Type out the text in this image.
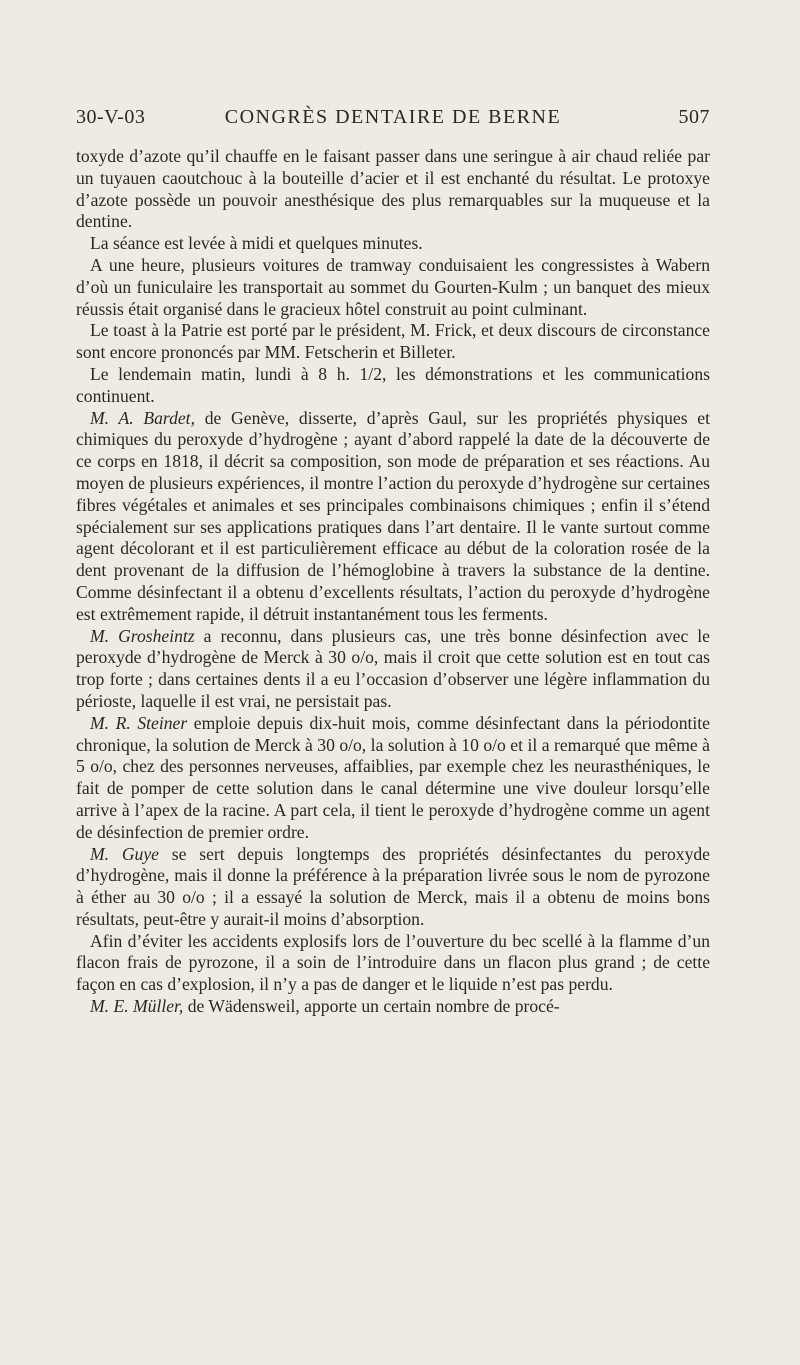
30-V-03	CONGRÈS DENTAIRE DE BERNE	507

toxyde d’azote qu’il chauffe en le faisant passer dans une seringue à air chaud reliée par un tuyauen caoutchouc à la bouteille d’acier et il est enchanté du résultat. Le protoxye d’azote possède un pouvoir anesthésique des plus remarquables sur la muqueuse et la dentine.

La séance est levée à midi et quelques minutes.

A une heure, plusieurs voitures de tramway conduisaient les congressistes à Wabern d’où un funiculaire les transportait au sommet du Gourten-Kulm ; un banquet des mieux réussis était organisé dans le gracieux hôtel construit au point culminant.

Le toast à la Patrie est porté par le président, M. Frick, et deux discours de circonstance sont encore prononcés par MM. Fetscherin et Billeter.

Le lendemain matin, lundi à 8 h. 1/2, les démonstrations et les communications continuent.

M. A. Bardet, de Genève, disserte, d’après Gaul, sur les propriétés physiques et chimiques du peroxyde d’hydrogène ; ayant d’abord rappelé la date de la découverte de ce corps en 1818, il décrit sa composition, son mode de préparation et ses réactions. Au moyen de plusieurs expériences, il montre l’action du peroxyde d’hydrogène sur certaines fibres végétales et animales et ses principales combinaisons chimiques ; enfin il s’étend spécialement sur ses applications pratiques dans l’art dentaire. Il le vante surtout comme agent décolorant et il est particulièrement efficace au début de la coloration rosée de la dent provenant de la diffusion de l’hémoglobine à travers la substance de la dentine. Comme désinfectant il a obtenu d’excellents résultats, l’action du peroxyde d’hydrogène est extrêmement rapide, il détruit instantanément tous les ferments.

M. Grosheintz a reconnu, dans plusieurs cas, une très bonne désinfection avec le peroxyde d’hydrogène de Merck à 30 o/o, mais il croit que cette solution est en tout cas trop forte ; dans certaines dents il a eu l’occasion d’observer une légère inflammation du périoste, laquelle il est vrai, ne persistait pas.

M. R. Steiner emploie depuis dix-huit mois, comme désinfectant dans la périodontite chronique, la solution de Merck à 30 o/o, la solution à 10 o/o et il a remarqué que même à 5 o/o, chez des personnes nerveuses, affaiblies, par exemple chez les neurasthéniques, le fait de pomper de cette solution dans le canal détermine une vive douleur lorsqu’elle arrive à l’apex de la racine. A part cela, il tient le peroxyde d’hydrogène comme un agent de désinfection de premier ordre.

M. Guye se sert depuis longtemps des propriétés désinfectantes du peroxyde d’hydrogène, mais il donne la préférence à la préparation livrée sous le nom de pyrozone à éther au 30 o/o ; il a essayé la solution de Merck, mais il a obtenu de moins bons résultats, peut-être y aurait-il moins d’absorption.

Afin d’éviter les accidents explosifs lors de l’ouverture du bec scellé à la flamme d’un flacon frais de pyrozone, il a soin de l’introduire dans un flacon plus grand ; de cette façon en cas d’explosion, il n’y a pas de danger et le liquide n’est pas perdu.

M. E. Müller, de Wädensweil, apporte un certain nombre de procé-
